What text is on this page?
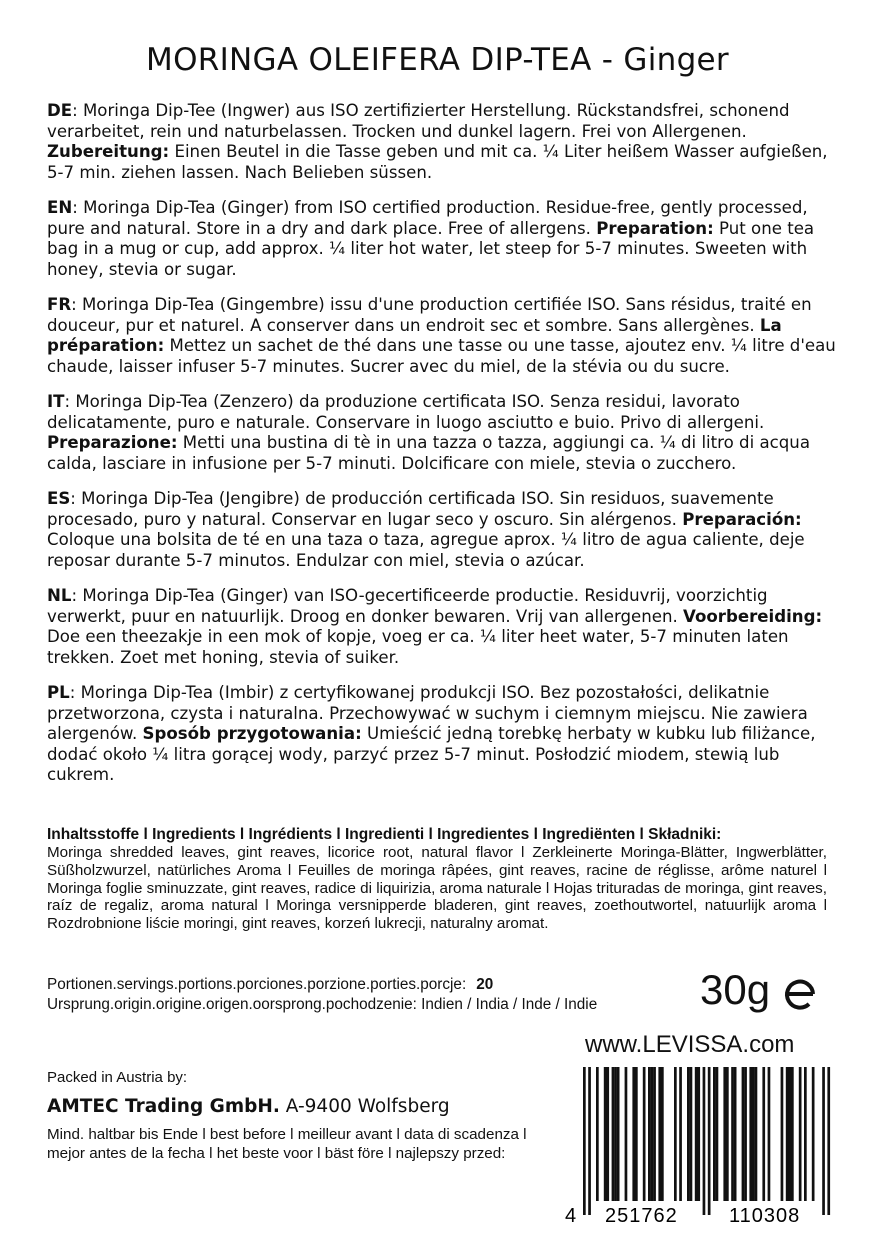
MORINGA OLEIFERA DIP-TEA - Ginger
DE: Moringa Dip-Tee (Ingwer) aus ISO zertifizierter Herstellung. Rückstandsfrei, schonend verarbeitet, rein und naturbelassen. Trocken und dunkel lagern. Frei von Allergenen. Zubereitung: Einen Beutel in die Tasse geben und mit ca. ¼ Liter heißem Wasser aufgießen, 5-7 min. ziehen lassen. Nach Belieben süssen.
EN: Moringa Dip-Tea (Ginger) from ISO certified production. Residue-free, gently processed, pure and natural. Store in a dry and dark place. Free of allergens. Preparation: Put one tea bag in a mug or cup, add approx. ¼ liter hot water, let steep for 5-7 minutes. Sweeten with honey, stevia or sugar.
FR: Moringa Dip-Tea (Gingembre) issu d'une production certifiée ISO. Sans résidus, traité en douceur, pur et naturel. A conserver dans un endroit sec et sombre. Sans allergènes. La préparation: Mettez un sachet de thé dans une tasse ou une tasse, ajoutez env. ¼ litre d'eau chaude, laisser infuser 5-7 minutes. Sucrer avec du miel, de la stévia ou du sucre.
IT: Moringa Dip-Tea (Zenzero) da produzione certificata ISO. Senza residui, lavorato delicatamente, puro e naturale. Conservare in luogo asciutto e buio. Privo di allergeni. Preparazione: Metti una bustina di tè in una tazza o tazza, aggiungi ca. ¼ di litro di acqua calda, lasciare in infusione per 5-7 minuti. Dolcificare con miele, stevia o zucchero.
ES: Moringa Dip-Tea (Jengibre) de producción certificada ISO. Sin residuos, suavemente procesado, puro y natural. Conservar en lugar seco y oscuro. Sin alérgenos. Preparación: Coloque una bolsita de té en una taza o taza, agregue aprox. ¼ litro de agua caliente, deje reposar durante 5-7 minutos. Endulzar con miel, stevia o azúcar.
NL: Moringa Dip-Tea (Ginger) van ISO-gecertificeerde productie. Residuvrij, voorzichtig verwerkt, puur en natuurlijk. Droog en donker bewaren. Vrij van allergenen. Voorbereiding: Doe een theezakje in een mok of kopje, voeg er ca. ¼ liter heet water, 5-7 minuten laten trekken. Zoet met honing, stevia of suiker.
PL: Moringa Dip-Tea (Imbir) z certyfikowanej produkcji ISO. Bez pozostałości, delikatnie przetworzona, czysta i naturalna. Przechowywać w suchym i ciemnym miejscu. Nie zawiera alergenów. Sposób przygotowania: Umieścić jedną torebkę herbaty w kubku lub filiżance, dodać około ¼ litra gorącej wody, parzyć przez 5-7 minut. Posłodzić miodem, stewią lub cukrem.
Inhaltsstoffe l Ingredients l Ingrédients l Ingredienti l Ingredientes l Ingrediënten l Składniki:
Moringa shredded leaves, gint reaves, licorice root, natural flavor l Zerkleinerte Moringa-Blätter, Ingwerblätter, Süßholzwurzel, natürliches Aroma l Feuilles de moringa râpées, gint reaves, racine de réglisse, arôme naturel l Moringa foglie sminuzzate, gint reaves, radice di liquirizia, aroma naturale l Hojas trituradas de moringa, gint reaves, raíz de regaliz, aroma natural l Moringa versnipperde bladeren, gint reaves, zoethoutwortel, natuurlijk aroma l Rozdrobnione liście moringi, gint reaves, korzeń lukrecji, naturalny aromat.
Portionen.servings.portions.porciones.porzione.porties.porcje: 20
Ursprung.origin.origine.origen.oorsprong.pochodzenie: Indien / India / Inde / Indie 30g
www.LEVISSA.com
Packed in Austria by:
AMTEC Trading GmbH. A-9400 Wolfsberg
Mind. haltbar bis Ende l best before l meilleur avant l data di scadenza l mejor antes de la fecha l het beste voor l bäst före l najlepszy przed:
4 251762	110308
